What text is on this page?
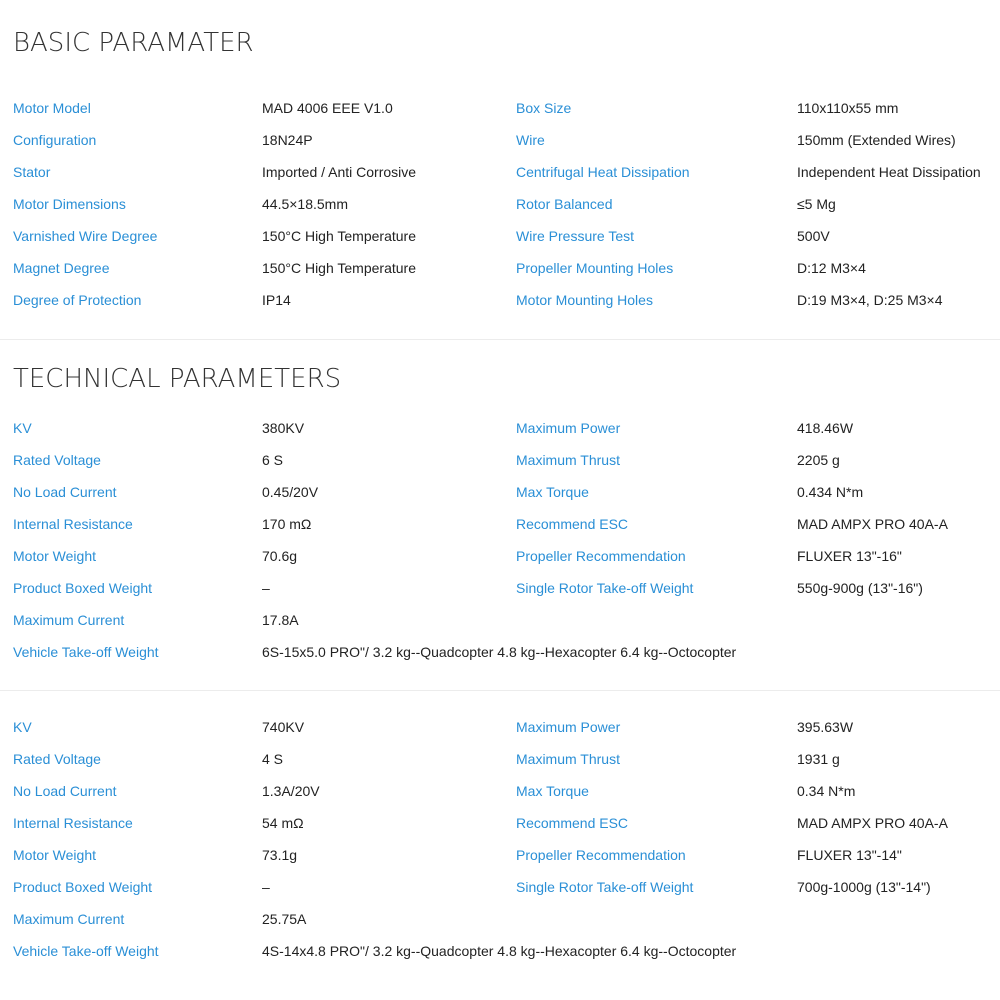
BASIC PARAMATER
Motor Model	MAD 4006 EEE V1.0	Box Size	110x110x55 mm
Configuration	18N24P	Wire	150mm (Extended Wires)
Stator	Imported / Anti Corrosive	Centrifugal Heat Dissipation	Independent Heat Dissipation
Motor Dimensions	44.5×18.5mm	Rotor Balanced	≤5 Mg
Varnished Wire Degree	150°C High Temperature	Wire Pressure Test	500V
Magnet Degree	150°C High Temperature	Propeller Mounting Holes	D:12 M3×4
Degree of Protection	IP14	Motor Mounting Holes	D:19 M3×4, D:25 M3×4
TECHNICAL PARAMETERS
KV	380KV	Maximum Power	418.46W
Rated Voltage	6 S	Maximum Thrust	2205 g
No Load Current	0.45/20V	Max Torque	0.434 N*m
Internal Resistance	170 mΩ	Recommend ESC	MAD AMPX PRO 40A-A
Motor Weight	70.6g	Propeller Recommendation	FLUXER 13"-16"
Product Boxed Weight	–	Single Rotor Take-off Weight	550g-900g (13"-16")
Maximum Current	17.8A
Vehicle Take-off Weight	6S-15x5.0 PRO"/ 3.2 kg--Quadcopter 4.8 kg--Hexacopter 6.4 kg--Octocopter
KV	740KV	Maximum Power	395.63W
Rated Voltage	4 S	Maximum Thrust	1931 g
No Load Current	1.3A/20V	Max Torque	0.34 N*m
Internal Resistance	54 mΩ	Recommend ESC	MAD AMPX PRO 40A-A
Motor Weight	73.1g	Propeller Recommendation	FLUXER 13"-14"
Product Boxed Weight	–	Single Rotor Take-off Weight	700g-1000g (13"-14")
Maximum Current	25.75A
Vehicle Take-off Weight	4S-14x4.8 PRO"/ 3.2 kg--Quadcopter 4.8 kg--Hexacopter 6.4 kg--Octocopter
